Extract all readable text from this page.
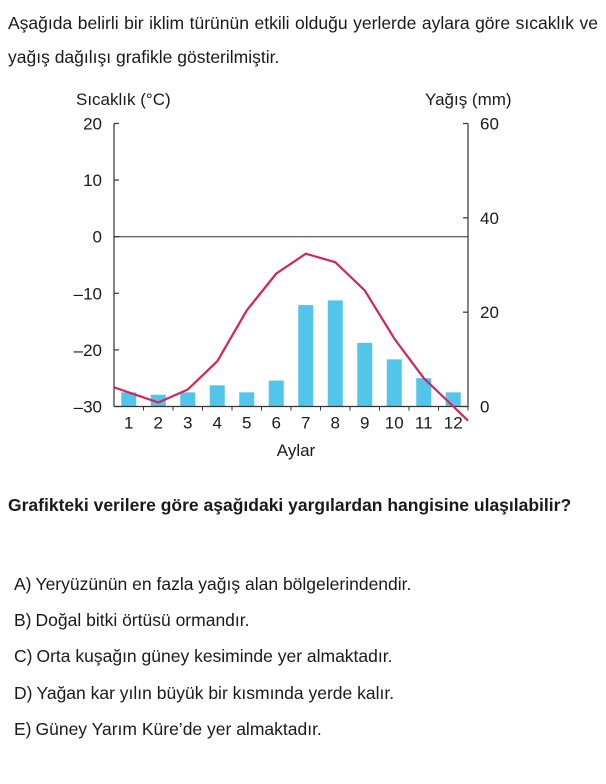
Aşağıda belirli bir iklim türünün etkili olduğu yerlerde aylara göre sıcaklık ve yağış dağılışı grafikle gösterilmiştir.

Sıcaklık (°C)	Yağış (mm)
20
10
0
–10
–20
–30
60
40
20
0
1 2 3 4 5 6 7 8 9 10 11 12
Aylar

Grafikteki verilere göre aşağıdaki yargılardan hangisine ulaşılabilir?

A) Yeryüzünün en fazla yağış alan bölgelerindendir.
B) Doğal bitki örtüsü ormandır.
C) Orta kuşağın güney kesiminde yer almaktadır.
D) Yağan kar yılın büyük bir kısmında yerde kalır.
E) Güney Yarım Küre’de yer almaktadır.
